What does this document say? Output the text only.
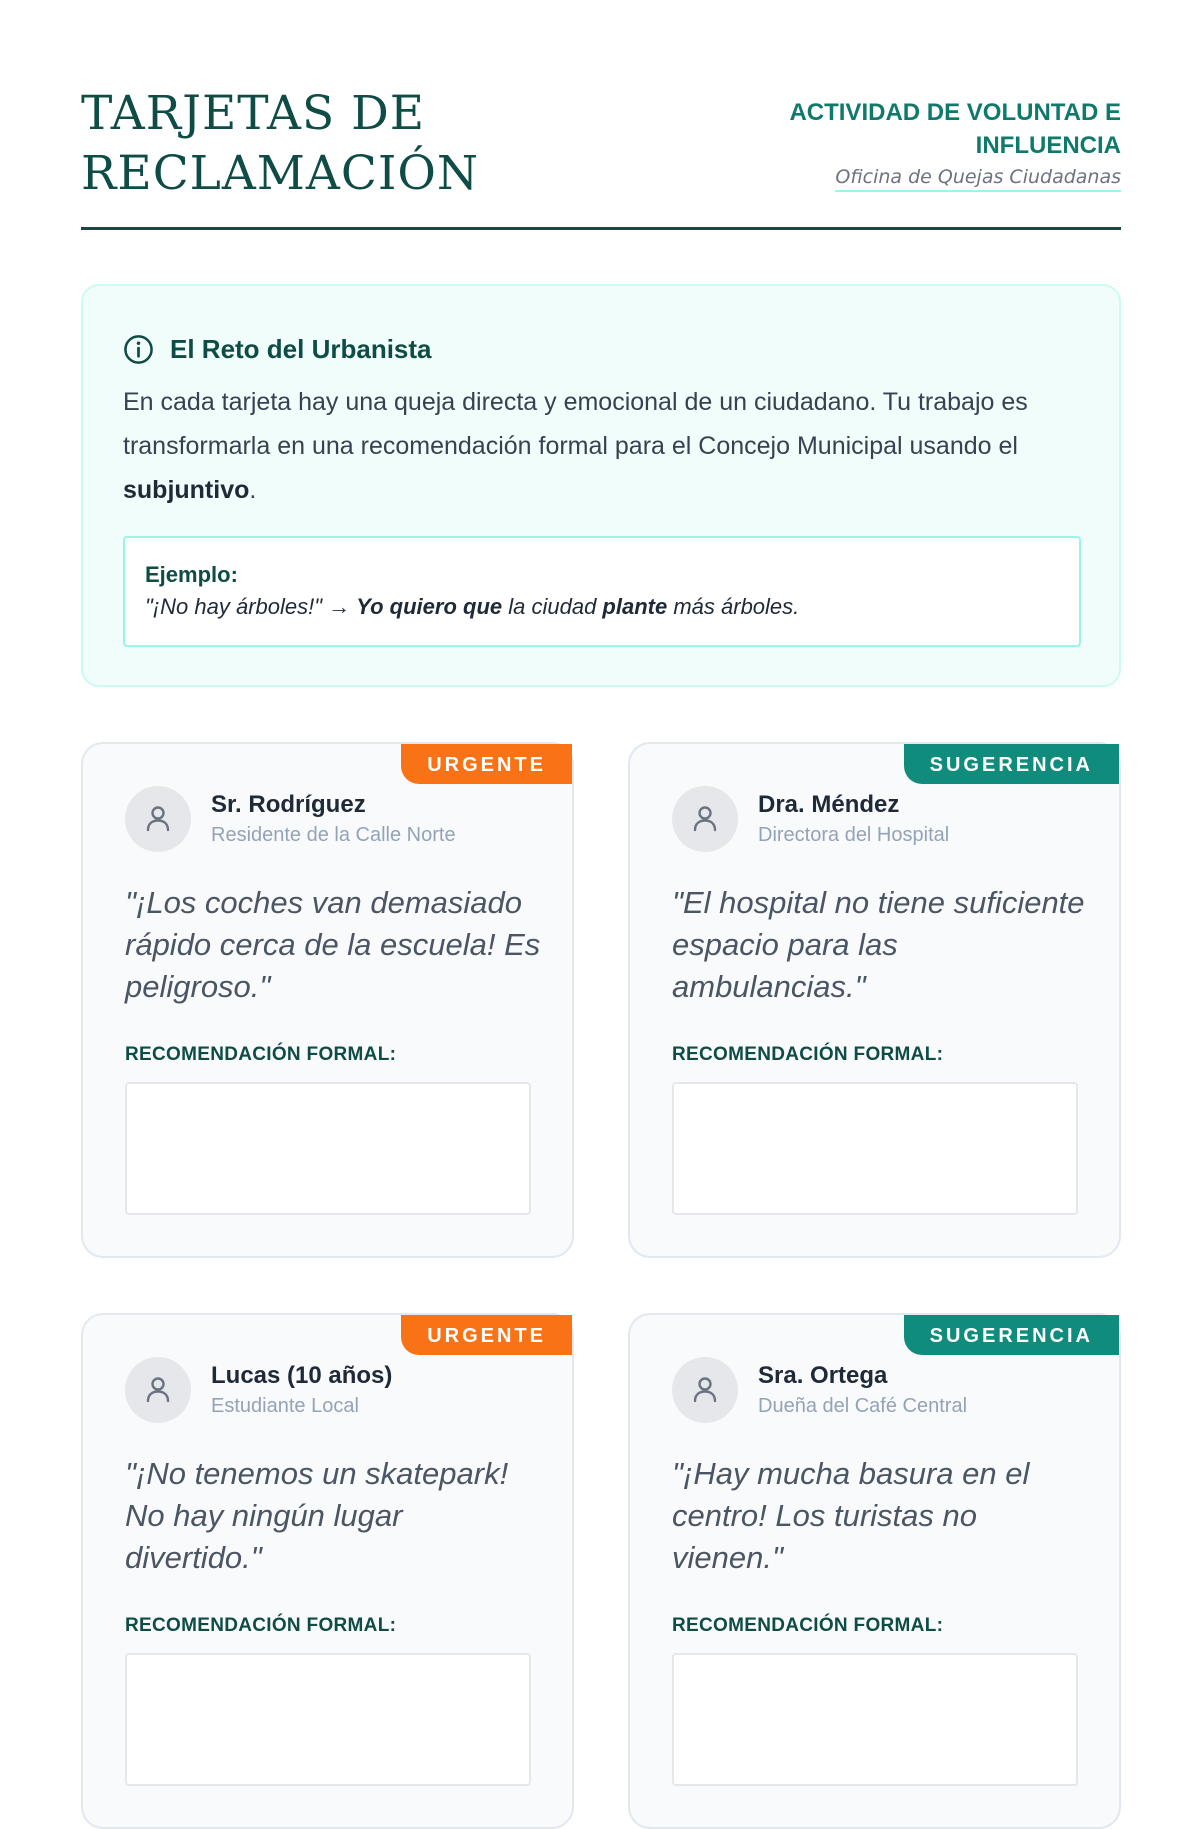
TARJETAS DE
RECLAMACIÓN
ACTIVIDAD DE VOLUNTAD E
INFLUENCIA
Oficina de Quejas Ciudadanas
El Reto del Urbanista

En cada tarjeta hay una queja directa y emocional de un ciudadano. Tu trabajo es transformarla en una recomendación formal para el Concejo Municipal usando el subjuntivo.

Ejemplo:
"¡No hay árboles!" → Yo quiero que la ciudad plante más árboles.
URGENTE
Sr. Rodríguez
Residente de la Calle Norte

"¡Los coches van demasiado rápido cerca de la escuela! Es peligroso."

RECOMENDACIÓN FORMAL:
SUGERENCIA
Dra. Méndez
Directora del Hospital

"El hospital no tiene suficiente espacio para las ambulancias."

RECOMENDACIÓN FORMAL:
URGENTE
Lucas (10 años)
Estudiante Local

"¡No tenemos un skatepark! No hay ningún lugar divertido."

RECOMENDACIÓN FORMAL:
SUGERENCIA
Sra. Ortega
Dueña del Café Central

"¡Hay mucha basura en el centro! Los turistas no vienen."

RECOMENDACIÓN FORMAL:
